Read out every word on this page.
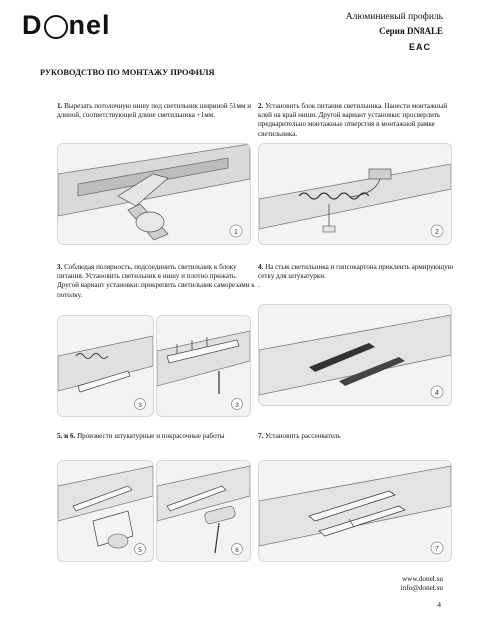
D nel	Алюминиевый профиль
Серия DN8ALE
EAC
РУКОВОДСТВО ПО МОНТАЖУ ПРОФИЛЯ
1. Вырезать потолочную нишу под светильник шириной 51мм и длиной, соответствующей длине светильника +1мм.
1
2. Установить блок питания светильника. Нанести монтажный клей на край ниши. Другой вариант установки: просверлить предварительно монтажные отверстия в монтажной рамке светильника.
2
3. Соблюдая полярность, подсоединить светильник к блоку питания. Установить светильник в нишу и плотно прижать. Другой вариант установки: прикрепить светильник саморезами к потолку.
3	3
4. На стык светильника и гипсокартона приклеить армирующую сетку для штукатурки.
.
4
5. и 6. Произвести штукатурные и покрасочные работы
5	6
7. Установить рассеиватель
7
www.donel.su
info@donel.su
4
